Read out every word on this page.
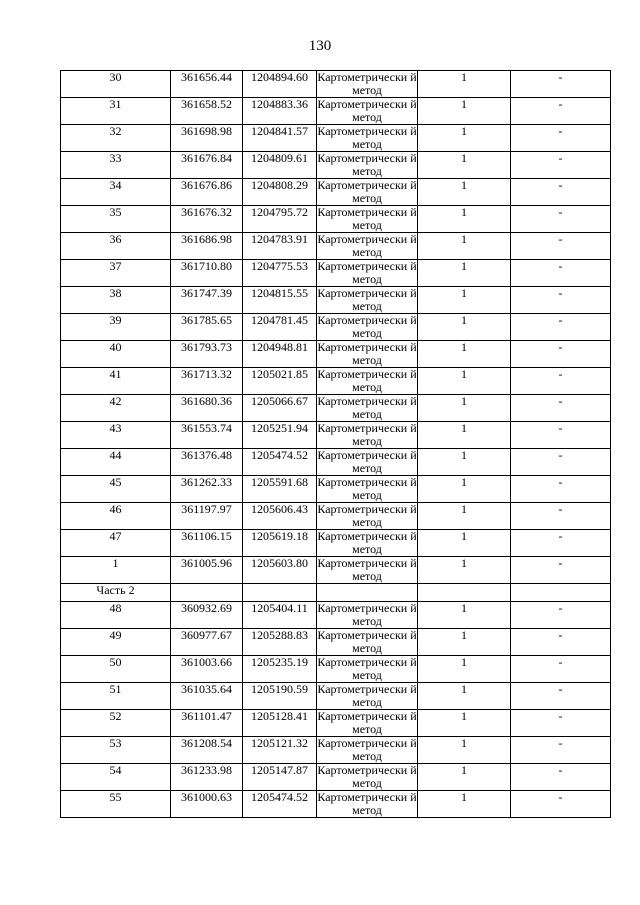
130
30	361656.44	1204894.60	Картометрически й метод	1	-
31	361658.52	1204883.36	Картометрически й метод	1	-
32	361698.98	1204841.57	Картометрически й метод	1	-
33	361676.84	1204809.61	Картометрически й метод	1	-
34	361676.86	1204808.29	Картометрически й метод	1	-
35	361676.32	1204795.72	Картометрически й метод	1	-
36	361686.98	1204783.91	Картометрически й метод	1	-
37	361710.80	1204775.53	Картометрически й метод	1	-
38	361747.39	1204815.55	Картометрически й метод	1	-
39	361785.65	1204781.45	Картометрически й метод	1	-
40	361793.73	1204948.81	Картометрически й метод	1	-
41	361713.32	1205021.85	Картометрически й метод	1	-
42	361680.36	1205066.67	Картометрически й метод	1	-
43	361553.74	1205251.94	Картометрически й метод	1	-
44	361376.48	1205474.52	Картометрически й метод	1	-
45	361262.33	1205591.68	Картометрически й метод	1	-
46	361197.97	1205606.43	Картометрически й метод	1	-
47	361106.15	1205619.18	Картометрически й метод	1	-
1	361005.96	1205603.80	Картометрически й метод	1	-
Часть 2					
48	360932.69	1205404.11	Картометрически й метод	1	-
49	360977.67	1205288.83	Картометрически й метод	1	-
50	361003.66	1205235.19	Картометрически й метод	1	-
51	361035.64	1205190.59	Картометрически й метод	1	-
52	361101.47	1205128.41	Картометрически й метод	1	-
53	361208.54	1205121.32	Картометрически й метод	1	-
54	361233.98	1205147.87	Картометрически й метод	1	-
55	361000.63	1205474.52	Картометрически й метод	1	-
